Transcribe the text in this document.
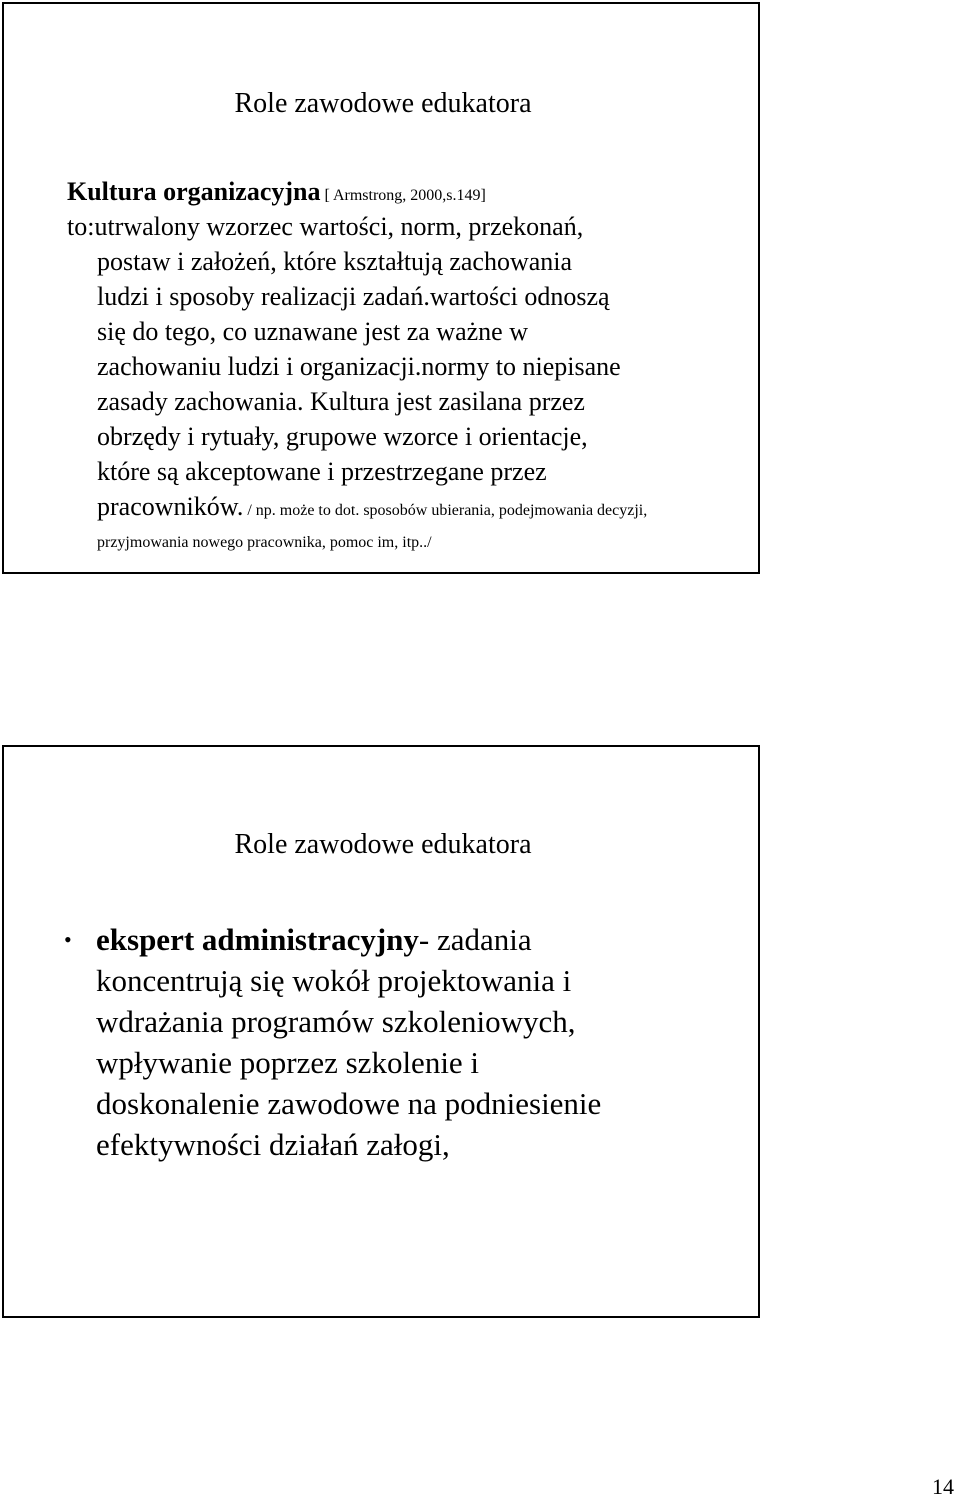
Role zawodowe edukatora
Kultura organizacyjna [ Armstrong, 2000,s.149]
to:utrwalony wzorzec wartości, norm, przekonań,
postaw i założeń, które kształtują zachowania
ludzi i sposoby realizacji zadań.wartości odnoszą
się do tego, co uznawane jest za ważne w
zachowaniu ludzi i organizacji.normy to niepisane
zasady zachowania. Kultura jest zasilana przez
obrzędy i rytuały, grupowe wzorce i orientacje,
które są akceptowane i przestrzegane przez
pracowników. / np. może to dot. sposobów ubierania, podejmowania decyzji,
przyjmowania nowego pracownika, pomoc im, itp../
Role zawodowe edukatora
• ekspert administracyjny- zadania
koncentrują się wokół projektowania i
wdrażania programów szkoleniowych,
wpływanie poprzez szkolenie i
doskonalenie zawodowe na podniesienie
efektywności działań załogi,
14
